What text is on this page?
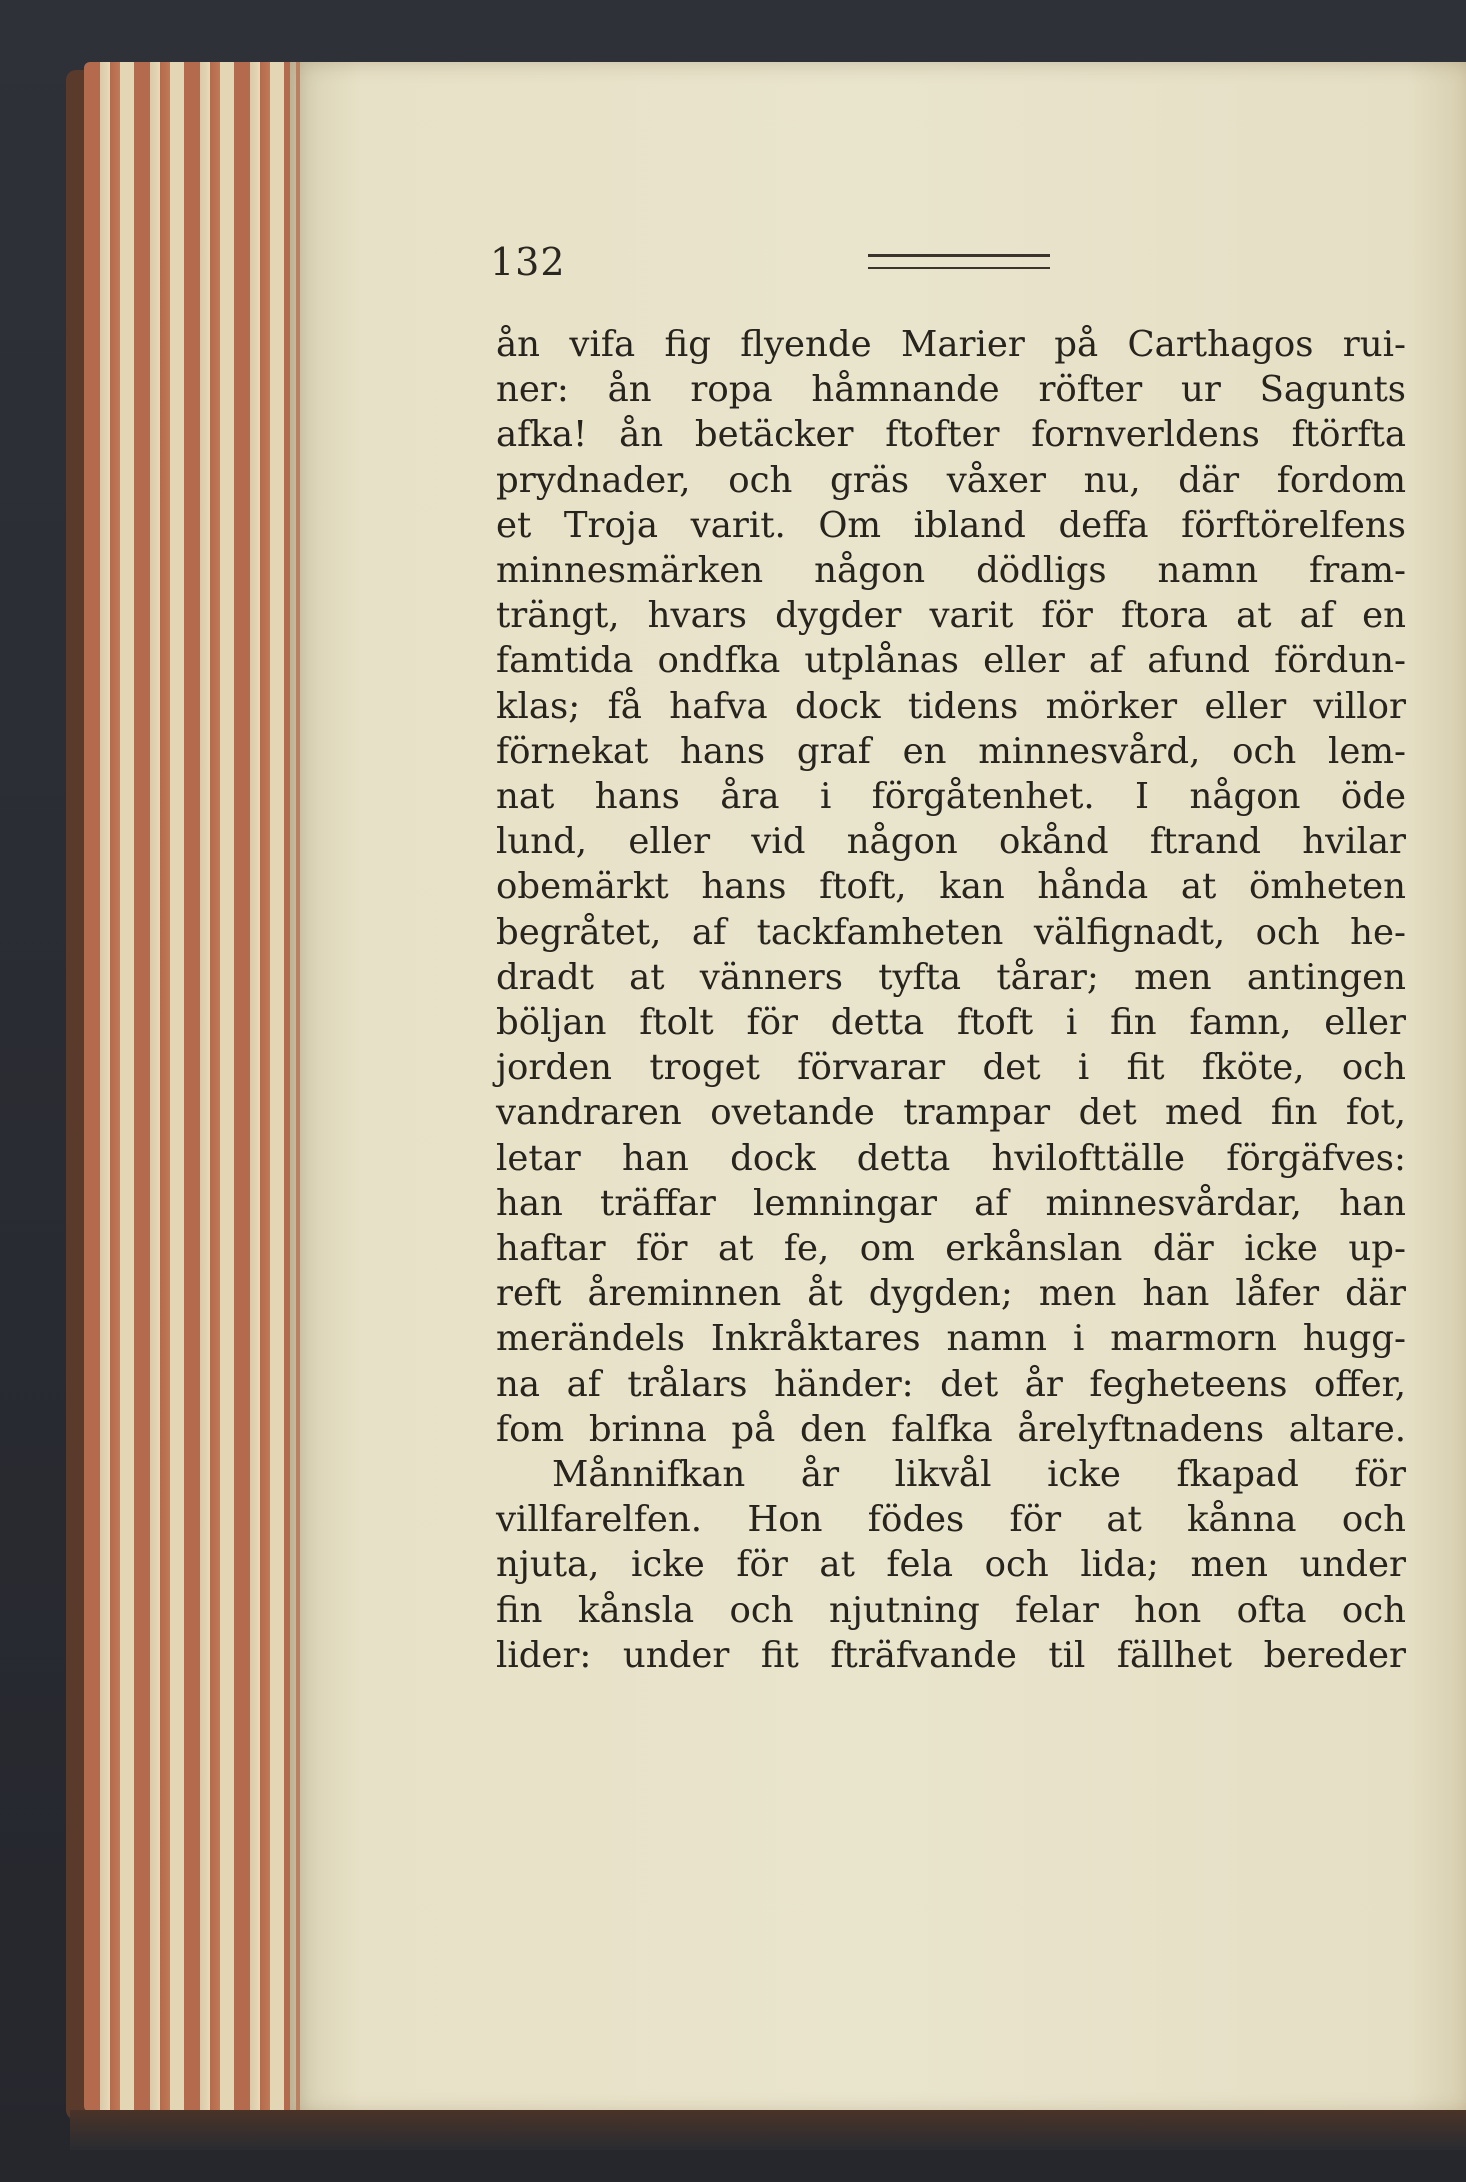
132
ån vifa fig flyende Marier på Carthagos rui-
ner: ån ropa håmnande röfter ur Sagunts
afka! ån betäcker ftofter fornverldens ftörfta
prydnader, och gräs våxer nu, där fordom
et Troja varit. Om ibland deffa förftörelfens
minnesmärken någon dödligs namn fram-
trängt, hvars dygder varit för ftora at af en
famtida ondfka utplånas eller af afund fördun-
klas; få hafva dock tidens mörker eller villor
förnekat hans graf en minnesvård, och lem-
nat hans åra i förgåtenhet. I någon öde
lund, eller vid någon okånd ftrand hvilar
obemärkt hans ftoft, kan hånda at ömheten
begråtet, af tackfamheten välfignadt, och he-
dradt at vänners tyfta tårar; men antingen
böljan ftolt för detta ftoft i fin famn, eller
jorden troget förvarar det i fit fköte, och
vandraren ovetande trampar det med fin fot,
letar han dock detta hvilofttälle förgäfves:
han träffar lemningar af minnesvårdar, han
haftar för at fe, om erkånslan där icke up-
reft åreminnen åt dygden; men han låfer där
merändels Inkråktares namn i marmorn hugg-
na af trålars händer: det år fegheteens offer,
fom brinna på den falfka årelyftnadens altare.
Månnifkan år likvål icke fkapad för
villfarelfen. Hon födes för at kånna och
njuta, icke för at fela och lida; men under
fin kånsla och njutning felar hon ofta och
lider: under fit fträfvande til fällhet bereder
